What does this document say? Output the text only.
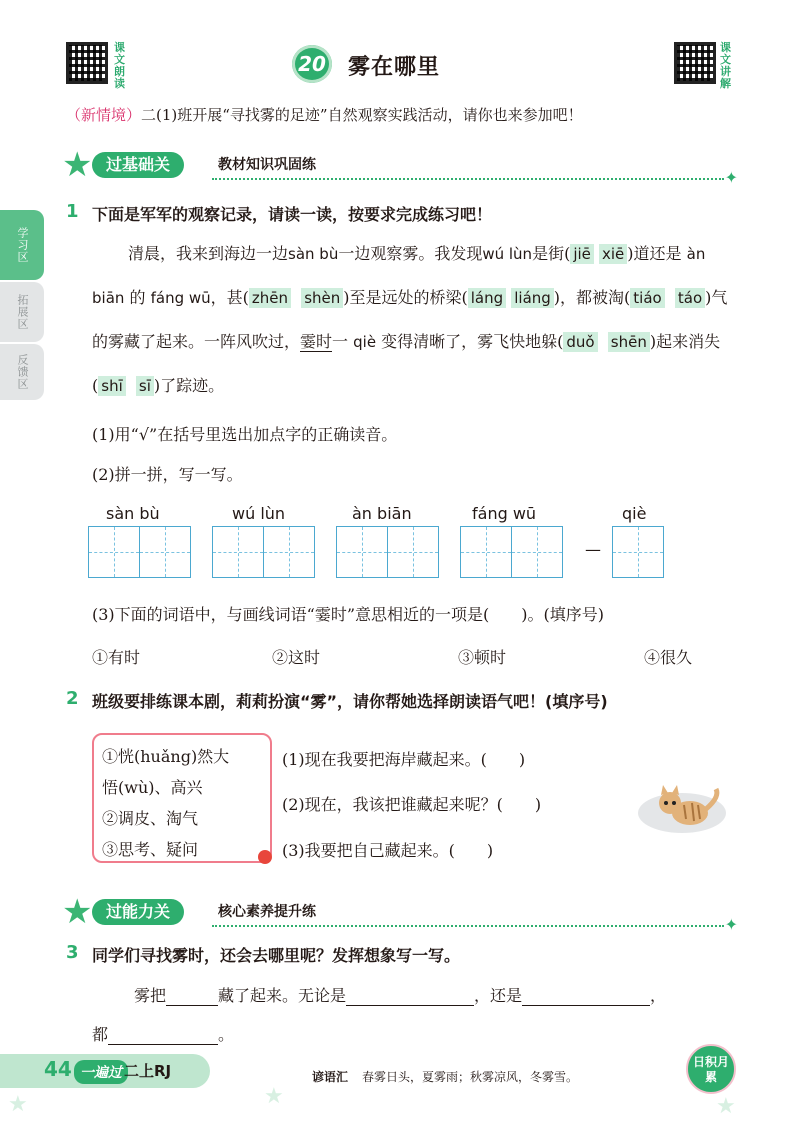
课文朗读
20 雾在哪里
课文讲解
（新情境）二(1)班开展“寻找雾的足迹”自然观察实践活动，请你也来参加吧！
学习区
拓展区
反馈区
★ 过基础关	教材知识巩固练
✦
1 下面是军军的观察记录，请读一读，按要求完成练习吧！
清晨，我来到海边一边sàn bù一边观察雾。我发现wú lùn是街( jiē xiē )道还是 àn biān 的 fáng wū，甚( zhēn shèn )至是远处的桥梁( láng liáng )，都被淘( tiáo táo )气的雾藏了起来。一阵风吹过，霎时一 qiè 变得清晰了，雾飞快地躲( duǒ shēn )起来消失( shī sī )了踪迹。
(1)用“√”在括号里选出加点字的正确读音。
(2)拼一拼，写一写。
sàn bù	wú lùn	àn biān	fáng wū
—
qiè
(3)下面的词语中，与画线词语“霎时”意思相近的一项是(　　)。(填序号)
①有时	②这时	③顿时	④很久
2 班级要排练课本剧，莉莉扮演“雾”，请你帮她选择朗读语气吧！(填序号)
①恍(huǎng)然大
悟(wù)、高兴
②调皮、淘气
③思考、疑问
(1)现在我要把海岸藏起来。(　　)
(2)现在，我该把谁藏起来呢？(　　)
(3)我要把自己藏起来。(　　)
★ 过能力关	核心素养提升练
✦
3 同学们寻找雾时，还会去哪里呢？发挥想象写一写。
雾把	藏了起来。无论是	，还是	，
都	。
★	★	★
44 一遍过 二上RJ	谚语汇 春雾日头，夏雾雨；秋雾凉风，冬雾雪。
日积月累
